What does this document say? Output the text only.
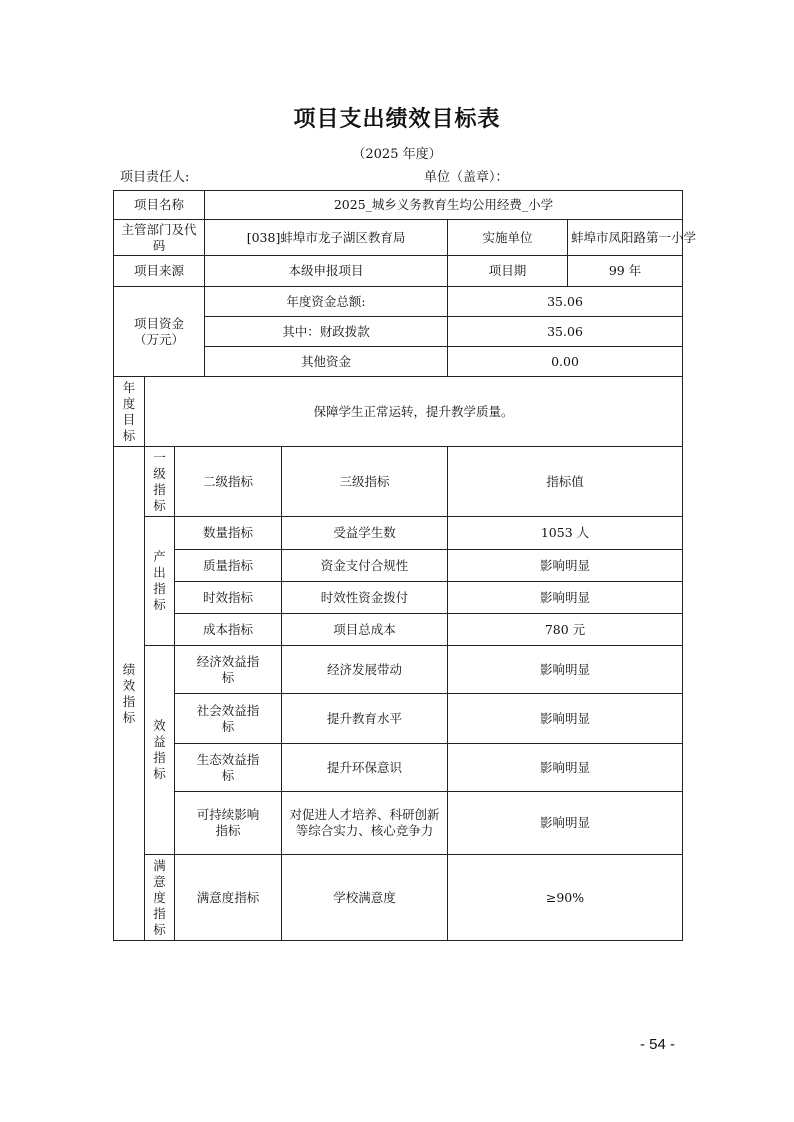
项目支出绩效目标表
（2025 年度）
项目责任人:	单位（盖章）：
项目名称			2025_城乡义务教育生均公用经费_小学			
主管部门及代码			[038]蚌埠市龙子湖区教育局		实施单位	蚌埠市凤阳路第一小学
项目来源			本级申报项目		项目期	99 年

项目资金（万元）			年度资金总额:		35.06	
			其中：财政拨款		35.06	
			其他资金		0.00	

年度目标	保障学生正常运转，提升教学质量。					

绩效指标	一级指标	二级指标		三级指标	指标值	

	产出指标	数量指标		受益学生数	1053 人	
		质量指标		资金支付合规性	影响明显	
		时效指标		时效性资金拨付	影响明显	
		成本指标		项目总成本	780 元	

	效益指标	经济效益指标		经济发展带动	影响明显	

		社会效益指标		提升教育水平	影响明显	

		生态效益指标		提升环保意识	影响明显	

		可持续影响指标		对促进人才培养、科研创新等综合实力、核心竞争力	影响明显	

	满意度指标	满意度指标		学校满意度	≥90%	
- 54 -
